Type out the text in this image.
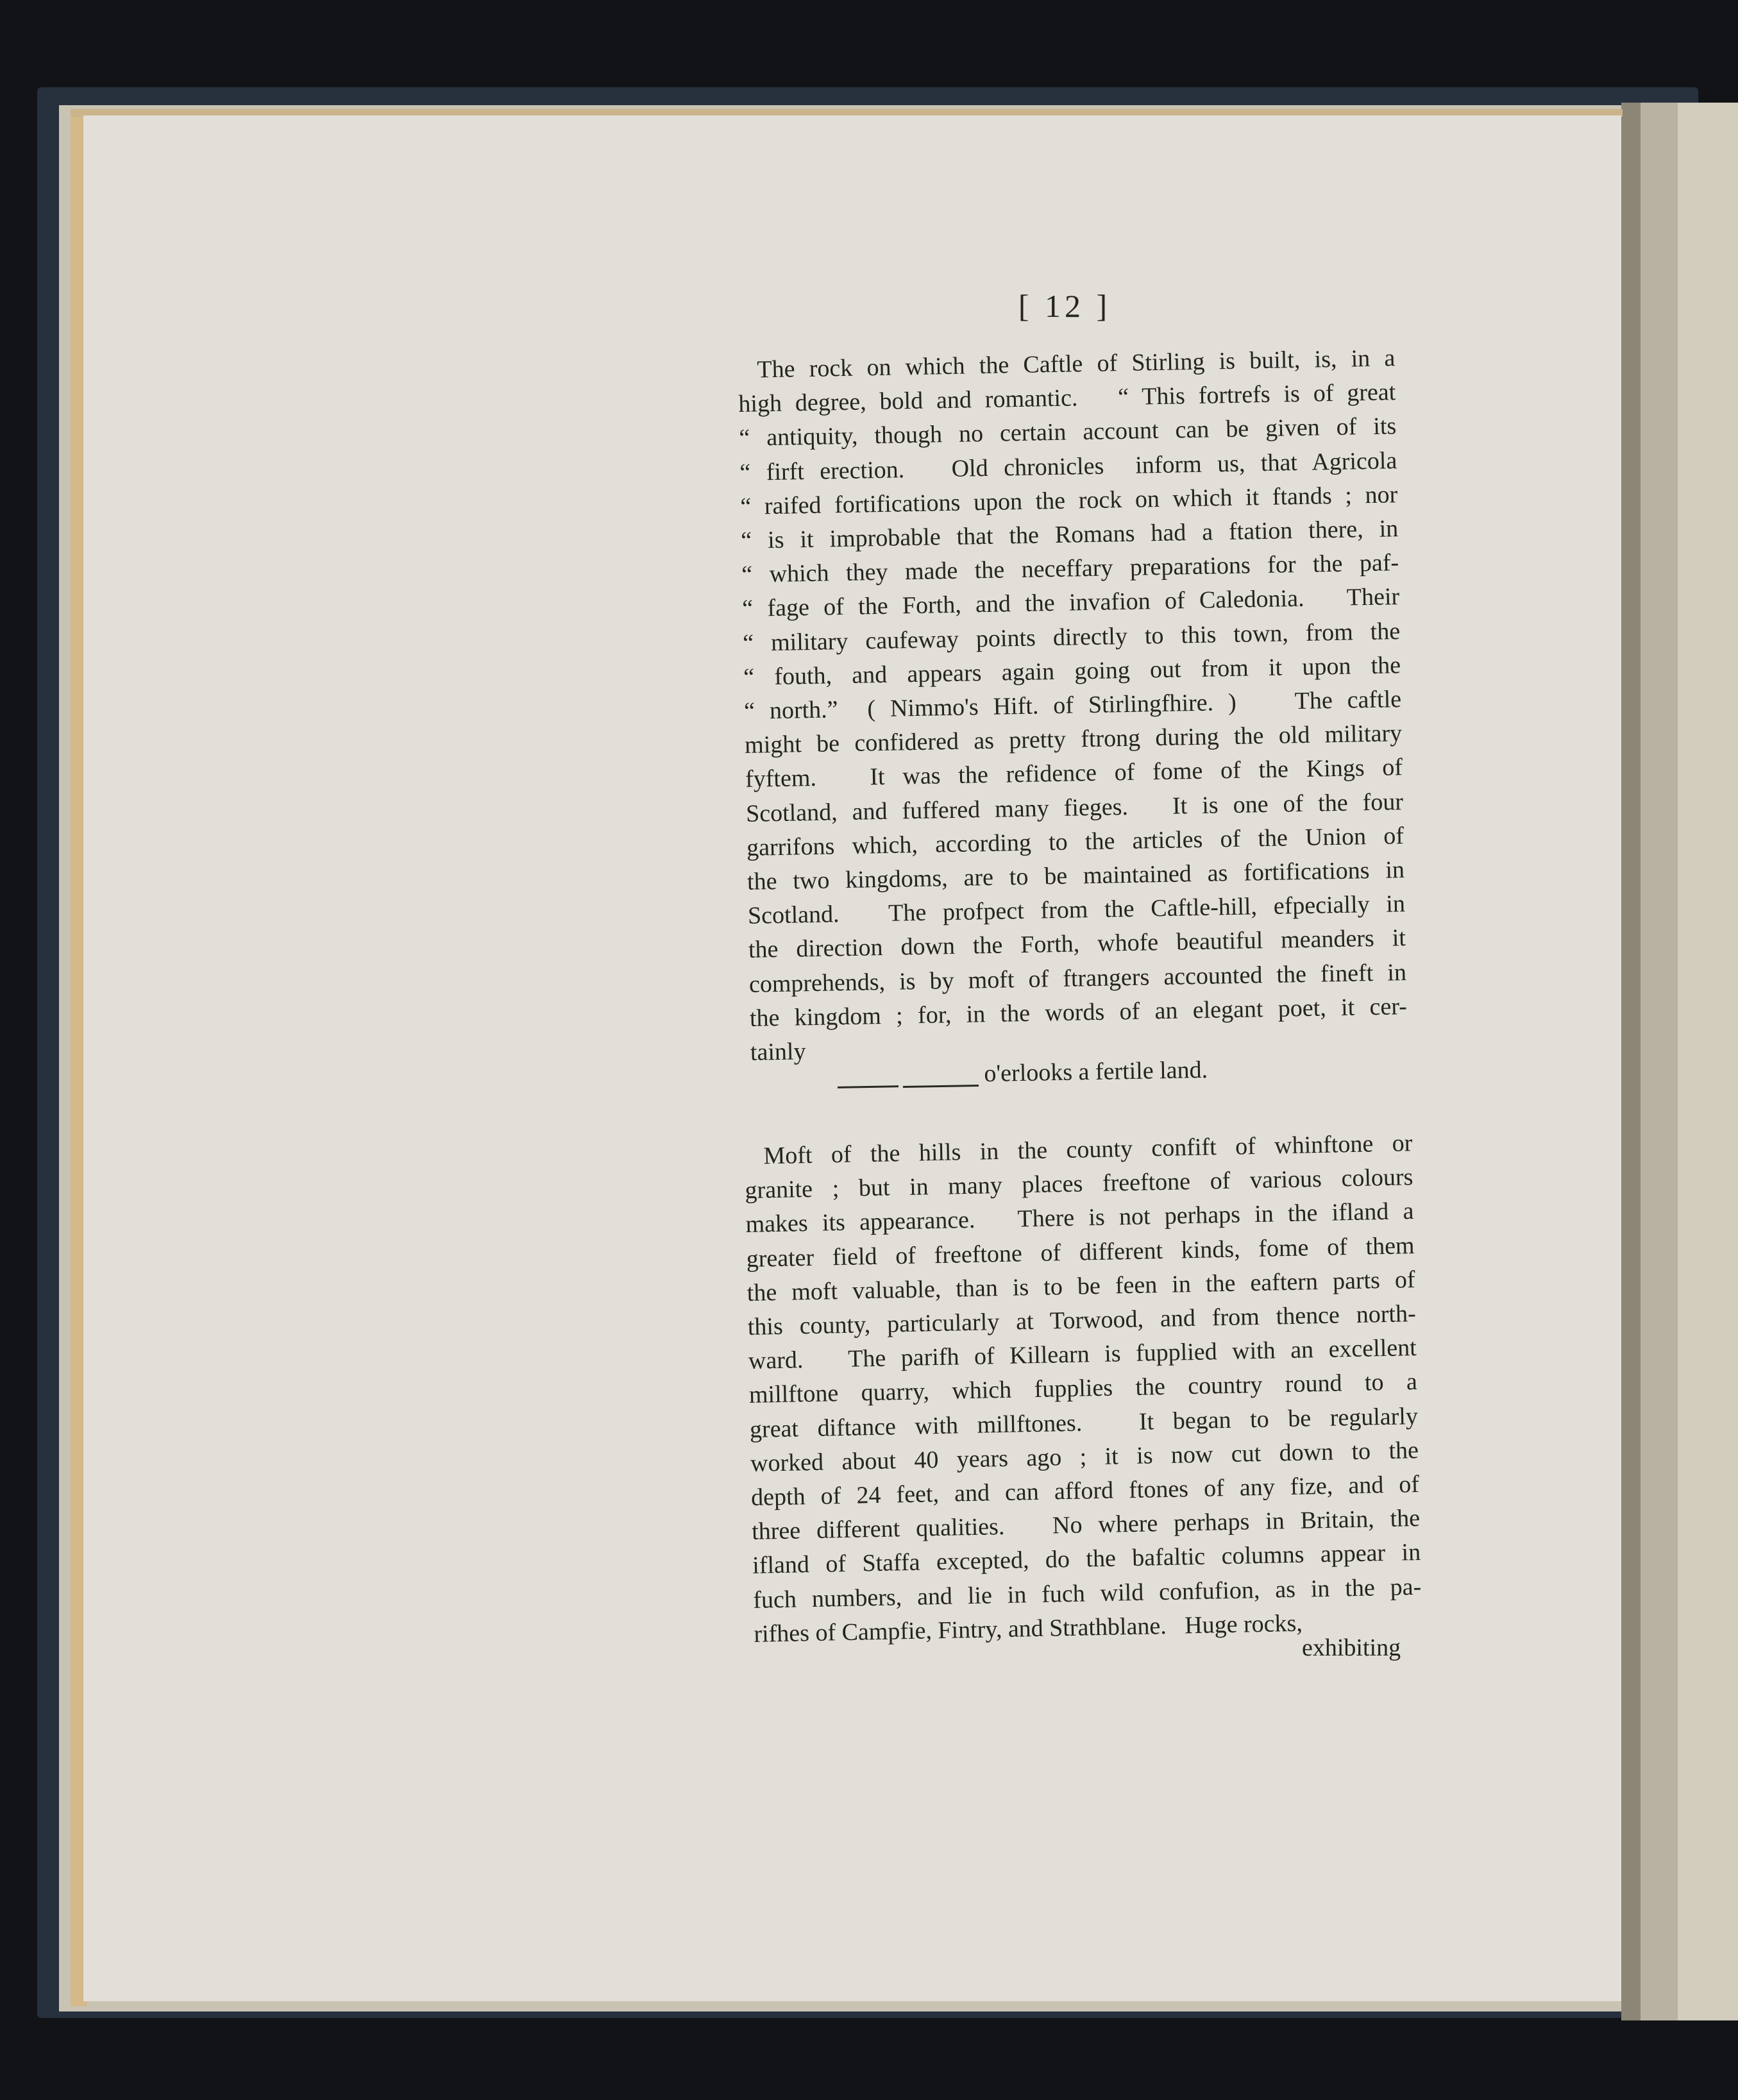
[ 12 ]
The rock on which the Caftle of Stirling is built, is, in a
high degree, bold and romantic.   “ This fortrefs is of great
“ antiquity, though no certain account can be given of its
“ firft erection.   Old chronicles  inform us, that Agricola
“ raifed fortifications upon the rock on which it ftands ; nor
“ is it improbable that the Romans had a ftation there, in
“ which they made the neceffary preparations for the paf-
“ fage of the Forth, and the invafion of Caledonia.   Their
“ military caufeway points directly to this town, from the
“ fouth, and appears again going out from it upon the
“ north.”  ( Nimmo's Hift. of Stirlingfhire. )    The caftle
might be confidered as pretty ftrong during the old military
fyftem.   It was the refidence of fome of the Kings of
Scotland, and fuffered many fieges.   It is one of the four
garrifons which, according to the articles of the Union of
the two kingdoms, are to be maintained as fortifications in
Scotland.   The profpect from the Caftle-hill, efpecially in
the direction down the Forth, whofe beautiful meanders it
comprehends, is by moft of ftrangers accounted the fineft in
the kingdom ; for, in the words of an elegant poet, it cer-
tainly
o'erlooks a fertile land.
Moft of the hills in the county confift of whinftone or
granite ; but in many places freeftone of various colours
makes its appearance.   There is not perhaps in the ifland a
greater field of freeftone of different kinds, fome of them
the moft valuable, than is to be feen in the eaftern parts of
this county, particularly at Torwood, and from thence north-
ward.   The parifh of Killearn is fupplied with an excellent
millftone quarry, which fupplies the country round to a
great diftance with millftones.   It began to be regularly
worked about 40 years ago ; it is now cut down to the
depth of 24 feet, and can afford ftones of any fize, and of
three different qualities.   No where perhaps in Britain, the
ifland of Staffa excepted, do the bafaltic columns appear in
fuch numbers, and lie in fuch wild confufion, as in the pa-
rifhes of Campfie, Fintry, and Strathblane.   Huge rocks,
exhibiting
